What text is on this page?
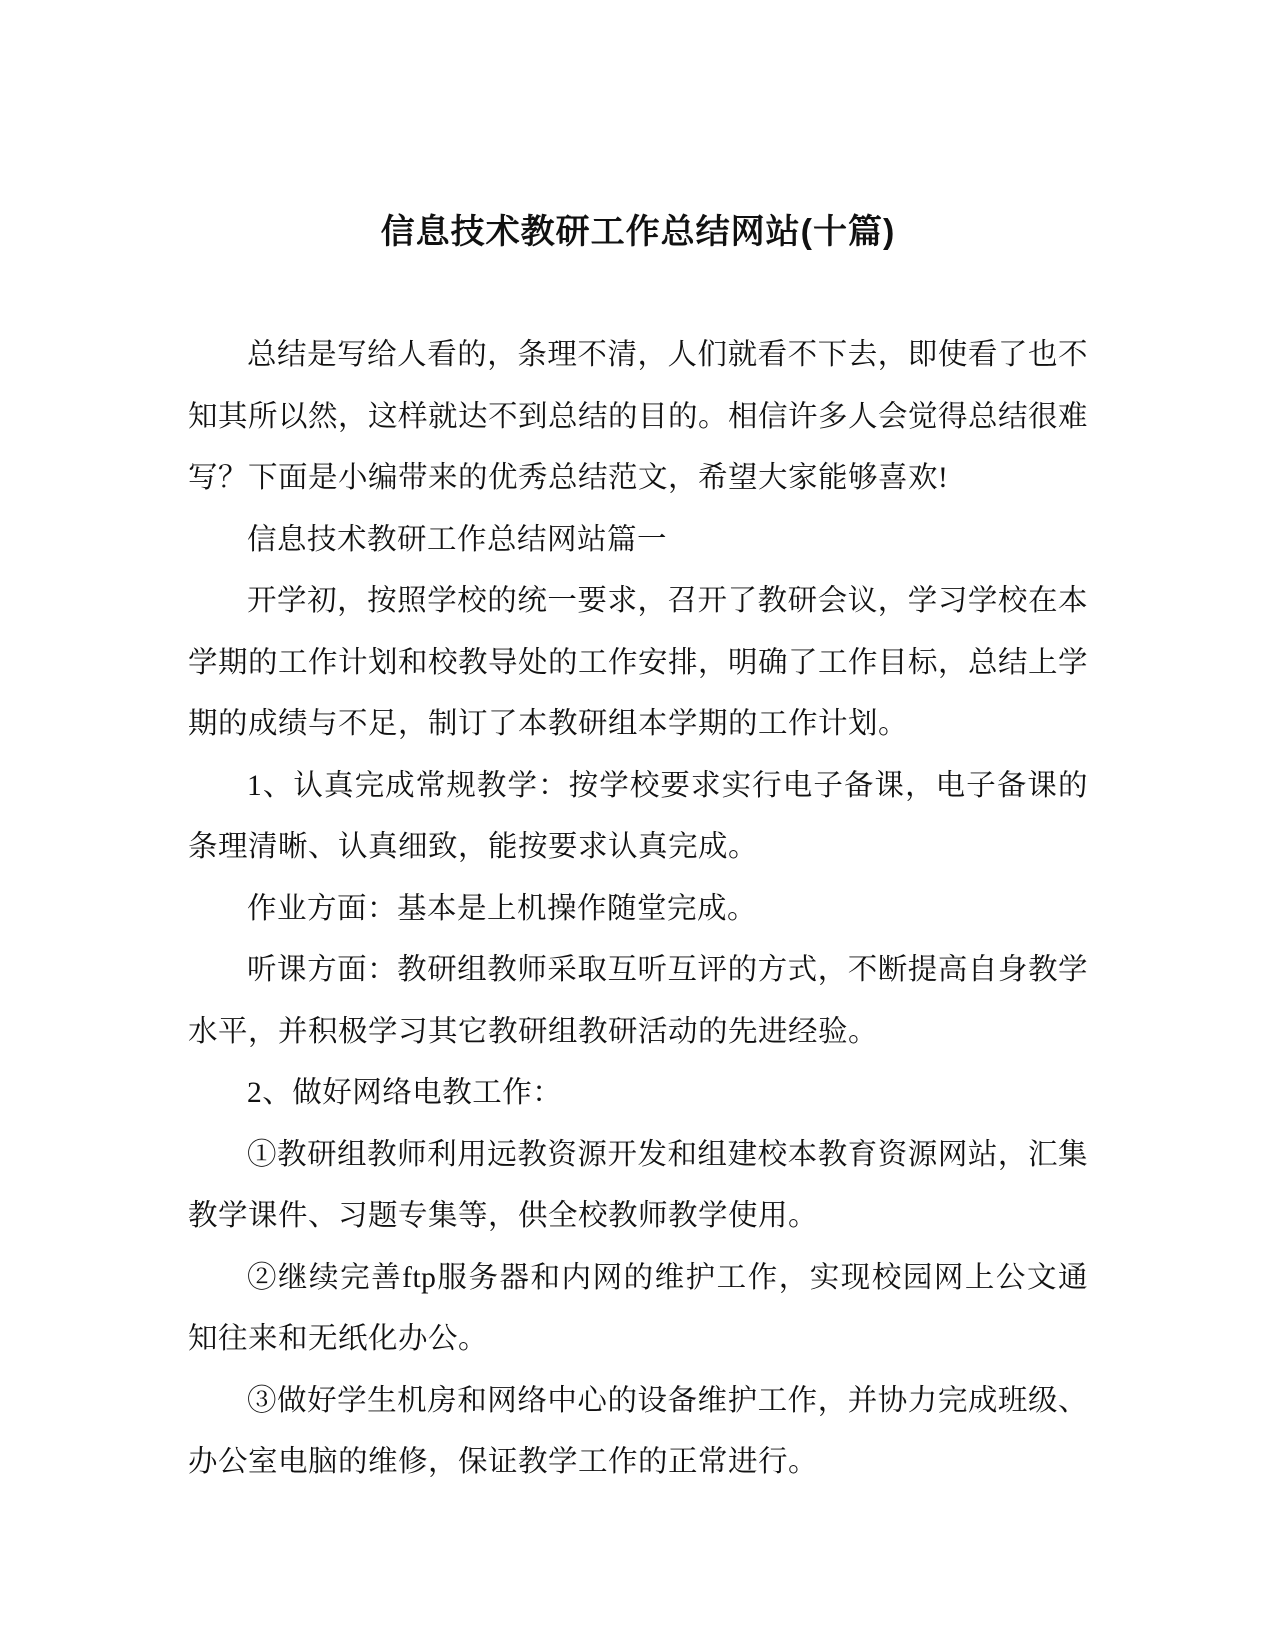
信息技术教研工作总结网站(十篇)
总结是写给人看的，条理不清，人们就看不下去，即使看了也不
知其所以然，这样就达不到总结的目的。相信许多人会觉得总结很难
写？下面是小编带来的优秀总结范文，希望大家能够喜欢!
信息技术教研工作总结网站篇一
开学初，按照学校的统一要求，召开了教研会议，学习学校在本
学期的工作计划和校教导处的工作安排，明确了工作目标，总结上学
期的成绩与不足，制订了本教研组本学期的工作计划。
1、认真完成常规教学：按学校要求实行电子备课，电子备课的
条理清晰、认真细致，能按要求认真完成。
作业方面：基本是上机操作随堂完成。
听课方面：教研组教师采取互听互评的方式，不断提高自身教学
水平，并积极学习其它教研组教研活动的先进经验。
2、做好网络电教工作：
①教研组教师利用远教资源开发和组建校本教育资源网站，汇集
教学课件、习题专集等，供全校教师教学使用。
②继续完善ftp服务器和内网的维护工作，实现校园网上公文通
知往来和无纸化办公。
③做好学生机房和网络中心的设备维护工作，并协力完成班级、
办公室电脑的维修，保证教学工作的正常进行。
